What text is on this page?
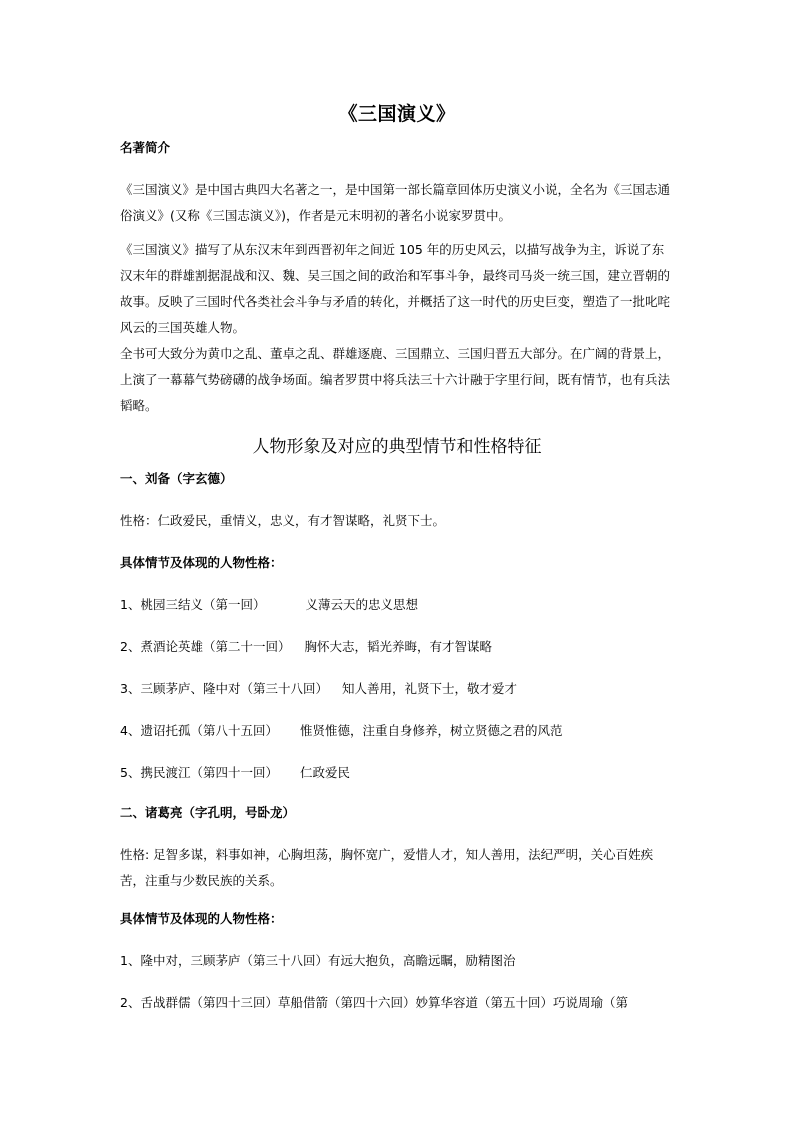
《三国演义》

名著简介

《三国演义》是中国古典四大名著之一，是中国第一部长篇章回体历史演义小说，全名为《三国志通俗演义》(又称《三国志演义》)，作者是元末明初的著名小说家罗贯中。

《三国演义》描写了从东汉末年到西晋初年之间近 105 年的历史风云，以描写战争为主，诉说了东汉末年的群雄割据混战和汉、魏、吴三国之间的政治和军事斗争，最终司马炎一统三国，建立晋朝的故事。反映了三国时代各类社会斗争与矛盾的转化，并概括了这一时代的历史巨变，塑造了一批叱咤风云的三国英雄人物。

全书可大致分为黄巾之乱、董卓之乱、群雄逐鹿、三国鼎立、三国归晋五大部分。在广阔的背景上，上演了一幕幕气势磅礴的战争场面。编者罗贯中将兵法三十六计融于字里行间，既有情节，也有兵法韬略。

人物形象及对应的典型情节和性格特征

一、刘备（字玄德）

性格：仁政爱民，重情义，忠义，有才智谋略，礼贤下士。

具体情节及体现的人物性格：

1、桃园三结义（第一回）	义薄云天的忠义思想

2、煮酒论英雄（第二十一回） 胸怀大志，韬光养晦，有才智谋略

3、三顾茅庐、隆中对（第三十八回） 知人善用，礼贤下士，敬才爱才

4、遗诏托孤（第八十五回） 惟贤惟德，注重自身修养，树立贤德之君的风范

5、携民渡江（第四十一回） 仁政爱民

二、诸葛亮（字孔明，号卧龙）

性格: 足智多谋，料事如神，心胸坦荡，胸怀宽广，爱惜人才，知人善用，法纪严明，关心百姓疾苦，注重与少数民族的关系。

具体情节及体现的人物性格：

1、隆中对，三顾茅庐（第三十八回）有远大抱负，高瞻远瞩，励精图治

2、舌战群儒（第四十三回）草船借箭（第四十六回）妙算华容道（第五十回）巧说周瑜（第
